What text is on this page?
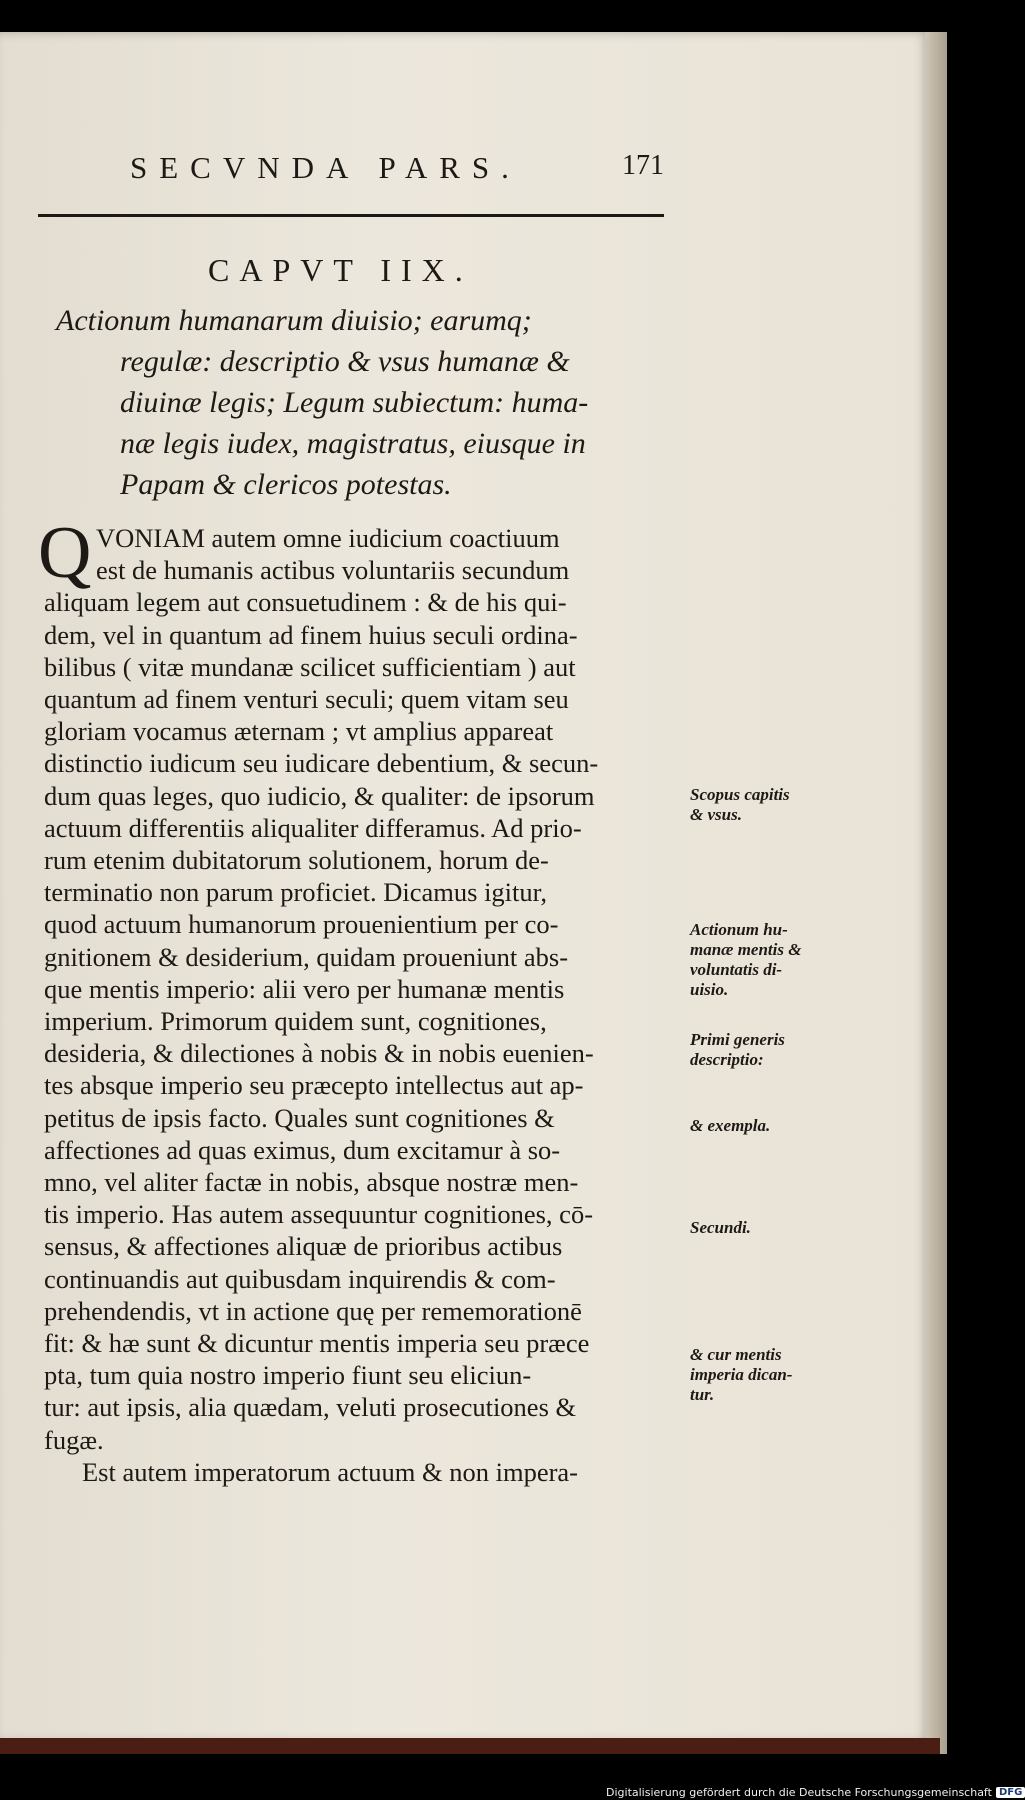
SECVNDA PARS.	171
CAPVT IIX.
Actionum humanarum diuisio; earumq;
regulæ: descriptio & vsus humanæ &
diuinæ legis; Legum subiectum: huma-
næ legis iudex, magistratus, eiusque in
Papam & clericos potestas.
Q VONIAM autem omne iudicium coactiuum
est de humanis actibus voluntariis secundum
aliquam legem aut consuetudinem : & de his qui-
dem, vel in quantum ad finem huius seculi ordina-
bilibus ( vitæ mundanæ scilicet sufficientiam ) aut
quantum ad finem venturi seculi; quem vitam seu
gloriam vocamus æternam ; vt amplius appareat
distinctio iudicum seu iudicare debentium, & secun-
dum quas leges, quo iudicio, & qualiter: de ipsorum
actuum differentiis aliqualiter differamus. Ad prio-
rum etenim dubitatorum solutionem, horum de-
terminatio non parum proficiet. Dicamus igitur,
quod actuum humanorum prouenientium per co-
gnitionem & desiderium, quidam proueniunt abs-
que mentis imperio: alii vero per humanæ mentis
imperium. Primorum quidem sunt, cognitiones,
desideria, & dilectiones à nobis & in nobis euenien-
tes absque imperio seu præcepto intellectus aut ap-
petitus de ipsis facto. Quales sunt cognitiones &
affectiones ad quas eximus, dum excitamur à so-
mno, vel aliter factæ in nobis, absque nostræ men-
tis imperio. Has autem assequuntur cognitiones, cō-
sensus, & affectiones aliquæ de prioribus actibus
continuandis aut quibusdam inquirendis & com-
prehendendis, vt in actione quę per rememorationē
fit: & hæ sunt & dicuntur mentis imperia seu præce
pta, tum quia nostro imperio fiunt seu eliciun-
tur: aut ipsis, alia quædam, veluti prosecutiones &
fugæ.
Est autem imperatorum actuum & non impera-
Scopus capitis
& vsus.
Actionum hu-
manæ mentis &
voluntatis di-
uisio.
Primi generis
descriptio:
& exempla.
Secundi.
& cur mentis
imperia dican-
tur.
Digitalisierung gefördert durch die Deutsche Forschungsgemeinschaft DFG
